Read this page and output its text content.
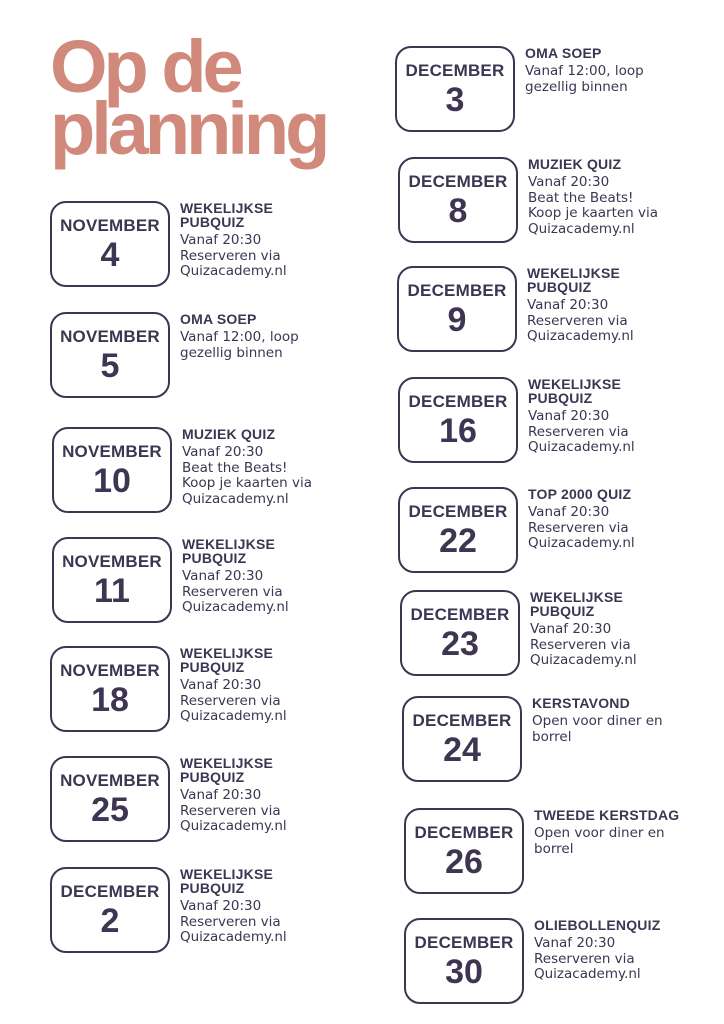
Op de
planning
NOVEMBER
4
WEKELIJKSE
PUBQUIZ
Vanaf 20:30
Reserveren via
Quizacademy.nl
NOVEMBER
5
OMA SOEP
Vanaf 12:00, loop
gezellig binnen
NOVEMBER
10
MUZIEK QUIZ
Vanaf 20:30
Beat the Beats!
Koop je kaarten via
Quizacademy.nl
NOVEMBER
11
WEKELIJKSE
PUBQUIZ
Vanaf 20:30
Reserveren via
Quizacademy.nl
NOVEMBER
18
WEKELIJKSE
PUBQUIZ
Vanaf 20:30
Reserveren via
Quizacademy.nl
NOVEMBER
25
WEKELIJKSE
PUBQUIZ
Vanaf 20:30
Reserveren via
Quizacademy.nl
DECEMBER
2
WEKELIJKSE
PUBQUIZ
Vanaf 20:30
Reserveren via
Quizacademy.nl
DECEMBER
3
OMA SOEP
Vanaf 12:00, loop
gezellig binnen
DECEMBER
8
MUZIEK QUIZ
Vanaf 20:30
Beat the Beats!
Koop je kaarten via
Quizacademy.nl
DECEMBER
9
WEKELIJKSE
PUBQUIZ
Vanaf 20:30
Reserveren via
Quizacademy.nl
DECEMBER
16
WEKELIJKSE
PUBQUIZ
Vanaf 20:30
Reserveren via
Quizacademy.nl
DECEMBER
22
TOP 2000 QUIZ
Vanaf 20:30
Reserveren via
Quizacademy.nl
DECEMBER
23
WEKELIJKSE
PUBQUIZ
Vanaf 20:30
Reserveren via
Quizacademy.nl
DECEMBER
24
KERSTAVOND
Open voor diner en
borrel
DECEMBER
26
TWEEDE KERSTDAG
Open voor diner en
borrel
DECEMBER
30
OLIEBOLLENQUIZ
Vanaf 20:30
Reserveren via
Quizacademy.nl
